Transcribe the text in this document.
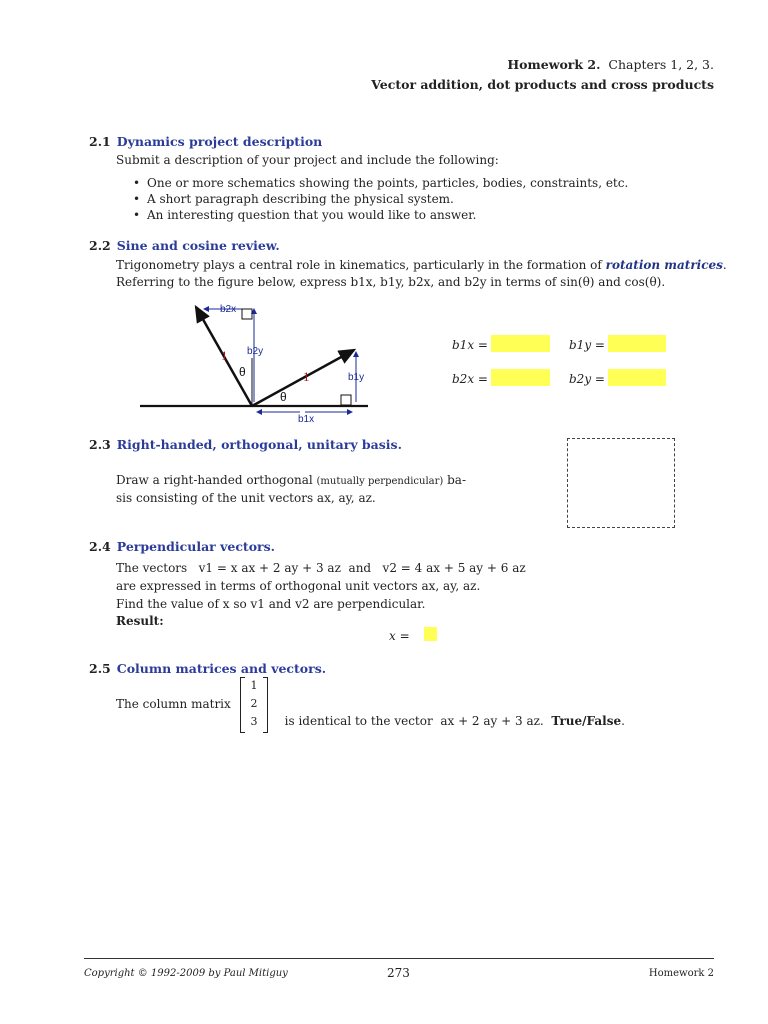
Homework 2. Chapters 1, 2, 3.
Vector addition, dot products and cross products
2.1 Dynamics project description
Submit a description of your project and include the following:
• One or more schematics showing the points, particles, bodies, constraints, etc.
• A short paragraph describing the physical system.
• An interesting question that you would like to answer.
2.2 Sine and cosine review.
Trigonometry plays a central role in kinematics, particularly in the formation of rotation matrices.
Referring to the figure below, express b1x, b1y, b2x, and b2y in terms of sin(θ) and cos(θ).
b2x
b2y
b1x
b1y
1
1
θ
θ
b1x =	b1y =
b2x =	b2y =
2.3 Right-handed, orthogonal, unitary basis.
Draw a right-handed orthogonal (mutually perpendicular) ba-
sis consisting of the unit vectors ax, ay, az.
2.4 Perpendicular vectors.
The vectors   v1 = x ax + 2 ay + 3 az  and   v2 = 4 ax + 5 ay + 6 az
are expressed in terms of orthogonal unit vectors ax, ay, az.
Find the value of x so v1 and v2 are perpendicular.
Result:
x =
2.5 Column matrices and vectors.
The column matrix
1
2
3	is identical to the vector  ax + 2 ay + 3 az. True/False.

Copyright © 1992-2009 by Paul Mitiguy	273	Homework 2
